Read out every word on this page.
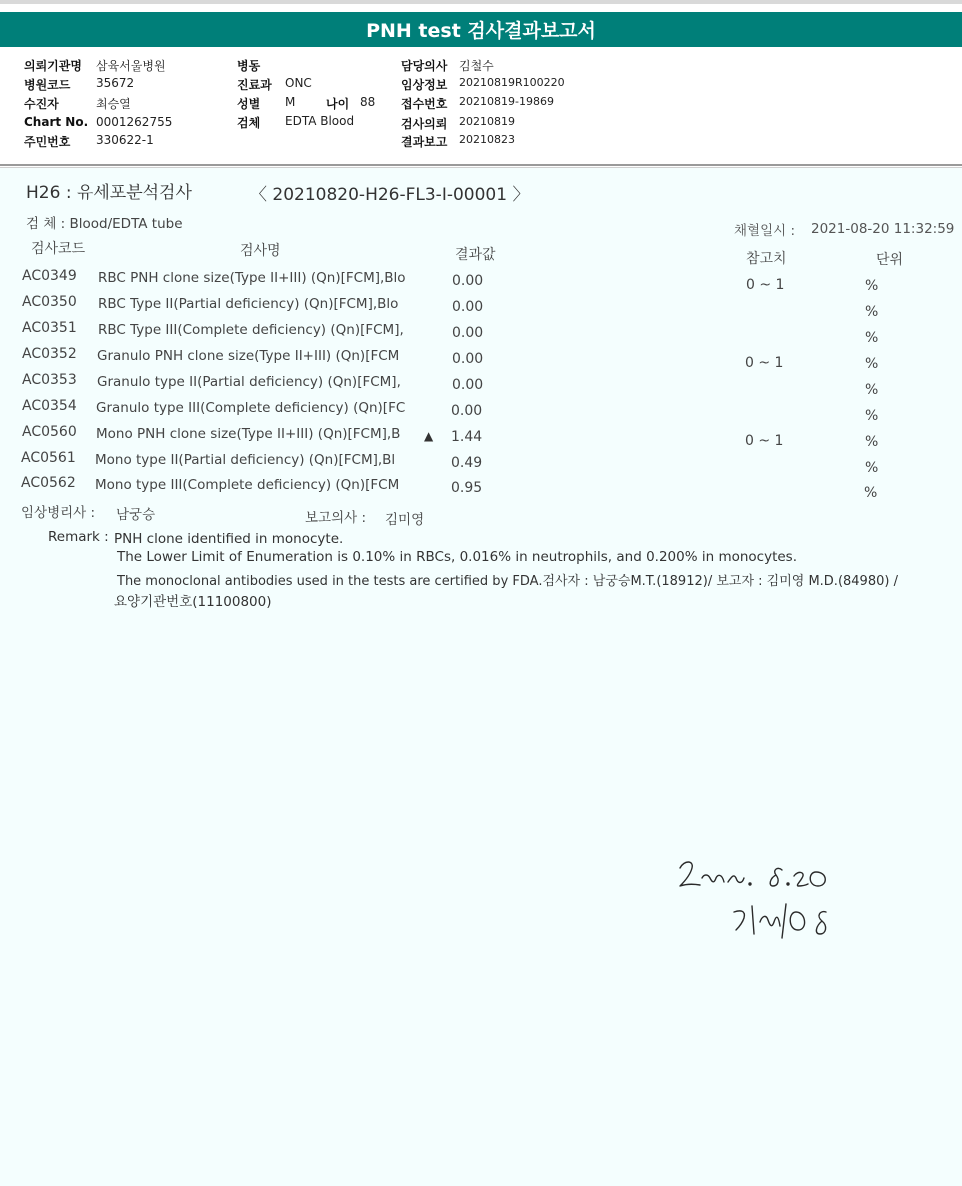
PNH test 검사결과보고서
의뢰기관명 삼육서울병원
병원코드 35672
수진자	최승열
Chart No. 0001262755
주민번호 330622-1
병동
진료과 ONC
성별 M	나이 88
검체 EDTA Blood
담당의사 김철수
임상정보 20210819R100220
접수번호 20210819-19869
검사의뢰 20210819
결과보고 20210823
H26 : 유세포분석검사	〈 20210820-H26-FL3-I-00001 〉
검 체 : Blood/EDTA tube	채혈일시 : 2021-08-20 11:32:59
검사코드	검사명	결과값	참고치	단위
AC0349 RBC PNH clone size(Type II+III) (Qn)[FCM],Blo	0.00	0 ~ 1	%
AC0350 RBC Type II(Partial deficiency) (Qn)[FCM],Blo	0.00	%
AC0351 RBC Type III(Complete deficiency) (Qn)[FCM],	0.00	%
AC0352 Granulo PNH clone size(Type II+III) (Qn)[FCM	0.00	0 ~ 1	%
AC0353 Granulo type II(Partial deficiency) (Qn)[FCM],	0.00	%
AC0354 Granulo type III(Complete deficiency) (Qn)[FC	0.00	%
AC0560 Mono PNH clone size(Type II+III) (Qn)[FCM],B ▲ 1.44	0 ~ 1	%
AC0561 Mono type II(Partial deficiency) (Qn)[FCM],Bl	0.49	%
AC0562 Mono type III(Complete deficiency) (Qn)[FCM	0.95	%
임상병리사 : 남궁승	보고의사 : 김미영
Remark : PNH clone identified in monocyte.
The Lower Limit of Enumeration is 0.10% in RBCs, 0.016% in neutrophils, and 0.200% in monocytes.
The monoclonal antibodies used in the tests are certified by FDA.검사자 : 남궁승M.T.(18912)/ 보고자 : 김미영 M.D.(84980) /
요양기관번호(11100800)
